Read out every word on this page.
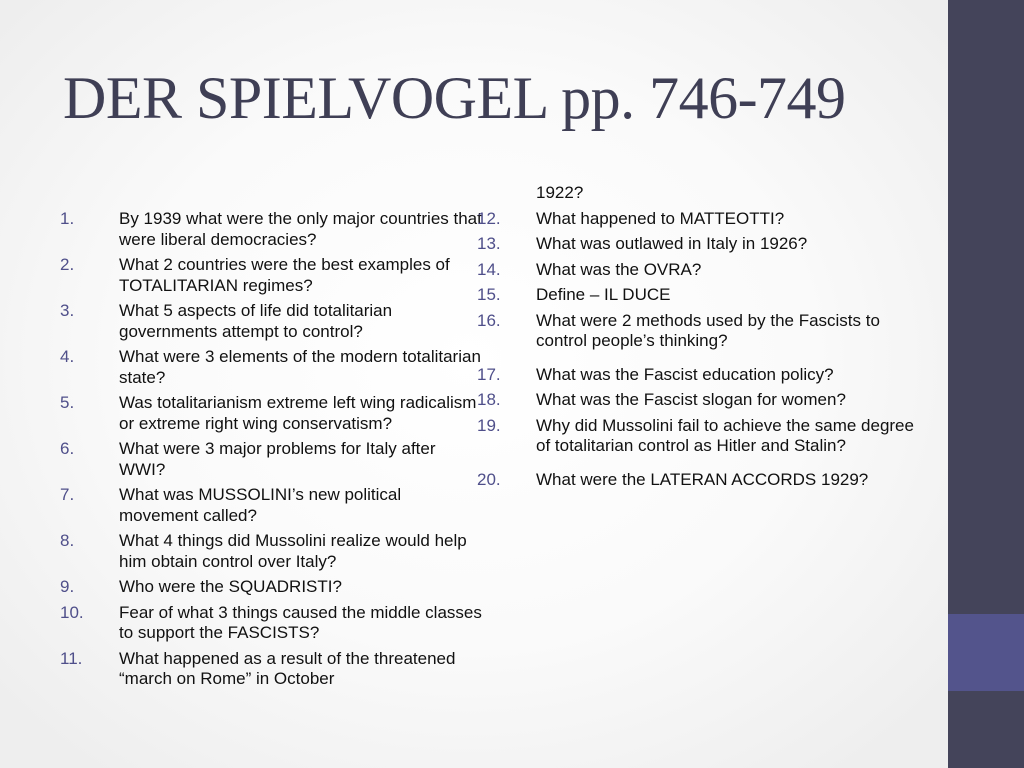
DER SPIELVOGEL pp. 746-749
1.	By 1939 what were the only major countries that were liberal democracies?
2.	What 2 countries were the best examples of TOTALITARIAN regimes?
3.	What 5 aspects of life did totalitarian governments attempt to control?
4.	What were 3 elements of the modern totalitarian state?
5.	Was totalitarianism extreme left wing radicalism or extreme right wing conservatism?
6.	What were 3 major problems for Italy after WWI?
7.	What was MUSSOLINI’s new political movement called?
8.	What 4 things did Mussolini realize would help him obtain control over Italy?
9.	Who were the SQUADRISTI?
10. Fear of what 3 things caused the middle classes to support the FASCISTS?
11. What happened as a result of the threatened “march on Rome” in October
1922?
12. What happened to MATTEOTTI?
13. What was outlawed in Italy in 1926?
14. What was the OVRA?
15. Define – IL DUCE
16. What were 2 methods used by the Fascists to control people’s thinking?
17. What was the Fascist education policy?
18. What was the Fascist slogan for women?
19. Why did Mussolini fail to achieve the same degree of totalitarian control as Hitler and Stalin?
20. What were the LATERAN ACCORDS 1929?
